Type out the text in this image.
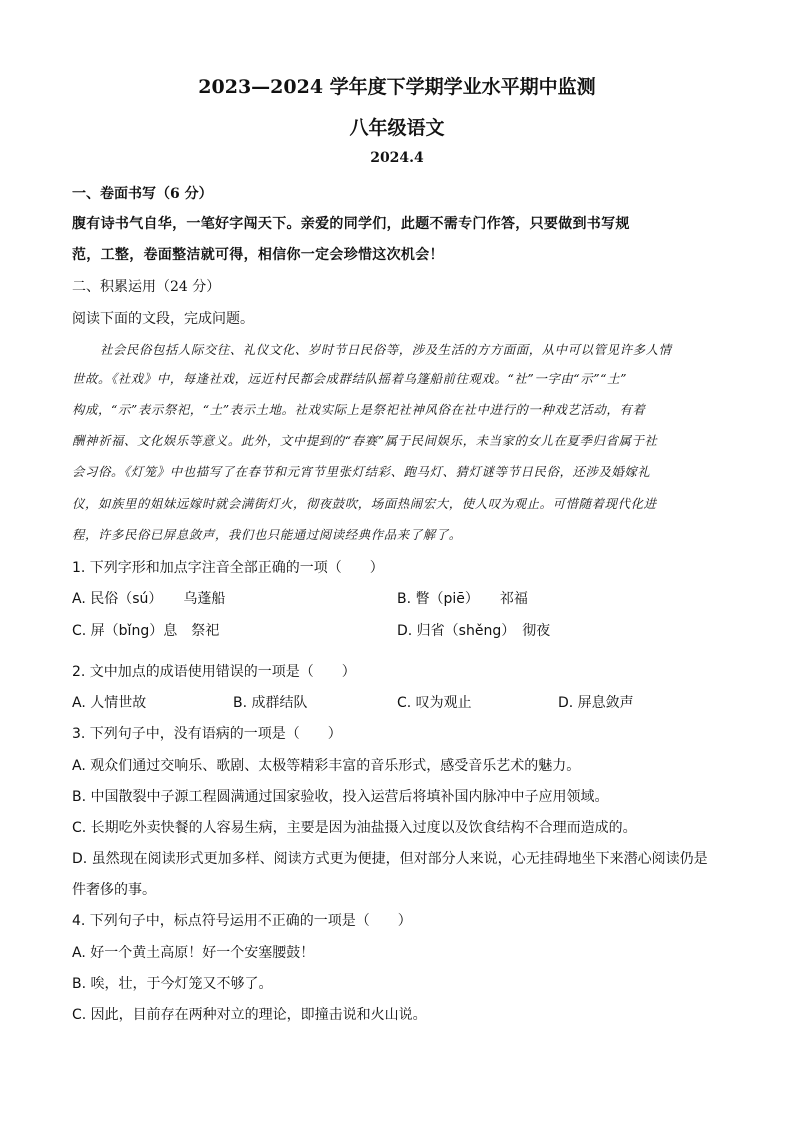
2023—2024 学年度下学期学业水平期中监测
八年级语文
2024.4
一、卷面书写（6 分）
腹有诗书气自华，一笔好字闯天下。亲爱的同学们，此题不需专门作答，只要做到书写规
范，工整，卷面整洁就可得，相信你一定会珍惜这次机会！
二、积累运用（24 分）
阅读下面的文段，完成问题。
社会民俗包括人际交往、礼仪文化、岁时节日民俗等，涉及生活的方方面面，从中可以管见许多人情
世故。《社戏》中，每逢社戏，远近村民都会成群结队摇着乌篷船前往观戏。“社”一字由“示”“土”
构成，“示”表示祭祀，“土”表示土地。社戏实际上是祭祀社神风俗在社中进行的一种戏艺活动，有着
酬神祈福、文化娱乐等意义。此外，文中提到的“春赛”属于民间娱乐，未当家的女儿在夏季归省属于社
会习俗。《灯笼》中也描写了在春节和元宵节里张灯结彩、跑马灯、猜灯谜等节日民俗，还涉及婚嫁礼
仪，如族里的姐妹远嫁时就会满街灯火，彻夜鼓吹，场面热闹宏大，使人叹为观止。可惜随着现代化进
程，许多民俗已屏息敛声，我们也只能通过阅读经典作品来了解了。
1. 下列字形和加点字注音全部正确的一项（　　）
A. 民俗（sú）　　乌蓬船	B. 瞥（piē）　　祁福
C. 屏（bǐng）息　祭祀	D. 归省（shěng）　彻夜
2. 文中加点的成语使用错误的一项是（　　）
A. 人情世故	B. 成群结队	C. 叹为观止	D. 屏息敛声
3. 下列句子中，没有语病的一项是（　　）
A. 观众们通过交响乐、歌剧、太极等精彩丰富的音乐形式，感受音乐艺术的魅力。
B. 中国散裂中子源工程圆满通过国家验收，投入运营后将填补国内脉冲中子应用领域。
C. 长期吃外卖快餐的人容易生病，主要是因为油盐摄入过度以及饮食结构不合理而造成的。
D. 虽然现在阅读形式更加多样、阅读方式更为便捷，但对部分人来说，心无挂碍地坐下来潜心阅读仍是
件奢侈的事。
4. 下列句子中，标点符号运用不正确的一项是（　　）
A. 好一个黄土高原！好一个安塞腰鼓！
B. 唉，壮，于今灯笼又不够了。
C. 因此，目前存在两种对立的理论，即撞击说和火山说。
